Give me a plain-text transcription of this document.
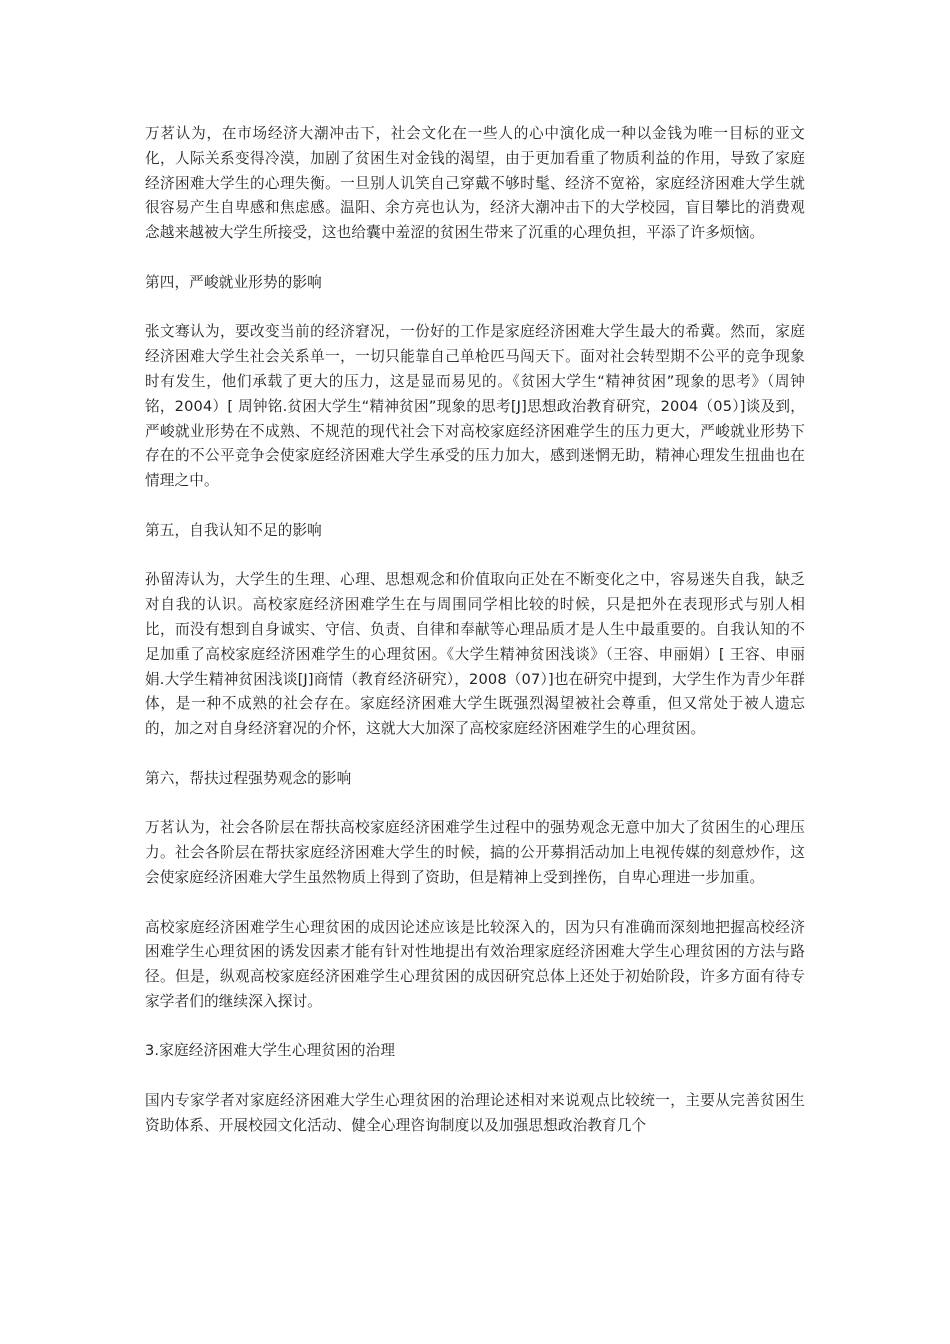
万茗认为，在市场经济大潮冲击下，社会文化在一些人的心中演化成一种以金钱为唯一目标的亚文化，人际关系变得冷漠，加剧了贫困生对金钱的渴望，由于更加看重了物质利益的作用，导致了家庭经济困难大学生的心理失衡。一旦别人讥笑自己穿戴不够时髦、经济不宽裕，家庭经济困难大学生就很容易产生自卑感和焦虑感。温阳、余方亮也认为，经济大潮冲击下的大学校园，盲目攀比的消费观念越来越被大学生所接受，这也给囊中羞涩的贫困生带来了沉重的心理负担，平添了许多烦恼。

第四，严峻就业形势的影响

张文骞认为，要改变当前的经济窘况，一份好的工作是家庭经济困难大学生最大的希冀。然而，家庭经济困难大学生社会关系单一，一切只能靠自己单枪匹马闯天下。面对社会转型期不公平的竞争现象时有发生，他们承载了更大的压力，这是显而易见的。《贫困大学生“精神贫困”现象的思考》（周钟铭，2004）[ 周钟铭.贫困大学生“精神贫困”现象的思考[J]思想政治教育研究，2004（05）]谈及到，严峻就业形势在不成熟、不规范的现代社会下对高校家庭经济困难学生的压力更大，严峻就业形势下存在的不公平竞争会使家庭经济困难大学生承受的压力加大，感到迷惘无助，精神心理发生扭曲也在情理之中。

第五，自我认知不足的影响

孙留涛认为，大学生的生理、心理、思想观念和价值取向正处在不断变化之中，容易迷失自我，缺乏对自我的认识。高校家庭经济困难学生在与周围同学相比较的时候，只是把外在表现形式与别人相比，而没有想到自身诚实、守信、负责、自律和奉献等心理品质才是人生中最重要的。自我认知的不足加重了高校家庭经济困难学生的心理贫困。《大学生精神贫困浅谈》（王容、申丽娟）[ 王容、申丽娟.大学生精神贫困浅谈[J]商情（教育经济研究），2008（07）]也在研究中提到，大学生作为青少年群体，是一种不成熟的社会存在。家庭经济困难大学生既强烈渴望被社会尊重，但又常处于被人遗忘的，加之对自身经济窘况的介怀，这就大大加深了高校家庭经济困难学生的心理贫困。

第六，帮扶过程强势观念的影响

万茗认为，社会各阶层在帮扶高校家庭经济困难学生过程中的强势观念无意中加大了贫困生的心理压力。社会各阶层在帮扶家庭经济困难大学生的时候，搞的公开募捐活动加上电视传媒的刻意炒作，这会使家庭经济困难大学生虽然物质上得到了资助，但是精神上受到挫伤，自卑心理进一步加重。

高校家庭经济困难学生心理贫困的成因论述应该是比较深入的，因为只有准确而深刻地把握高校经济困难学生心理贫困的诱发因素才能有针对性地提出有效治理家庭经济困难大学生心理贫困的方法与路径。但是，纵观高校家庭经济困难学生心理贫困的成因研究总体上还处于初始阶段，许多方面有待专家学者们的继续深入探讨。

3.家庭经济困难大学生心理贫困的治理

国内专家学者对家庭经济困难大学生心理贫困的治理论述相对来说观点比较统一，主要从完善贫困生资助体系、开展校园文化活动、健全心理咨询制度以及加强思想政治教育几个
